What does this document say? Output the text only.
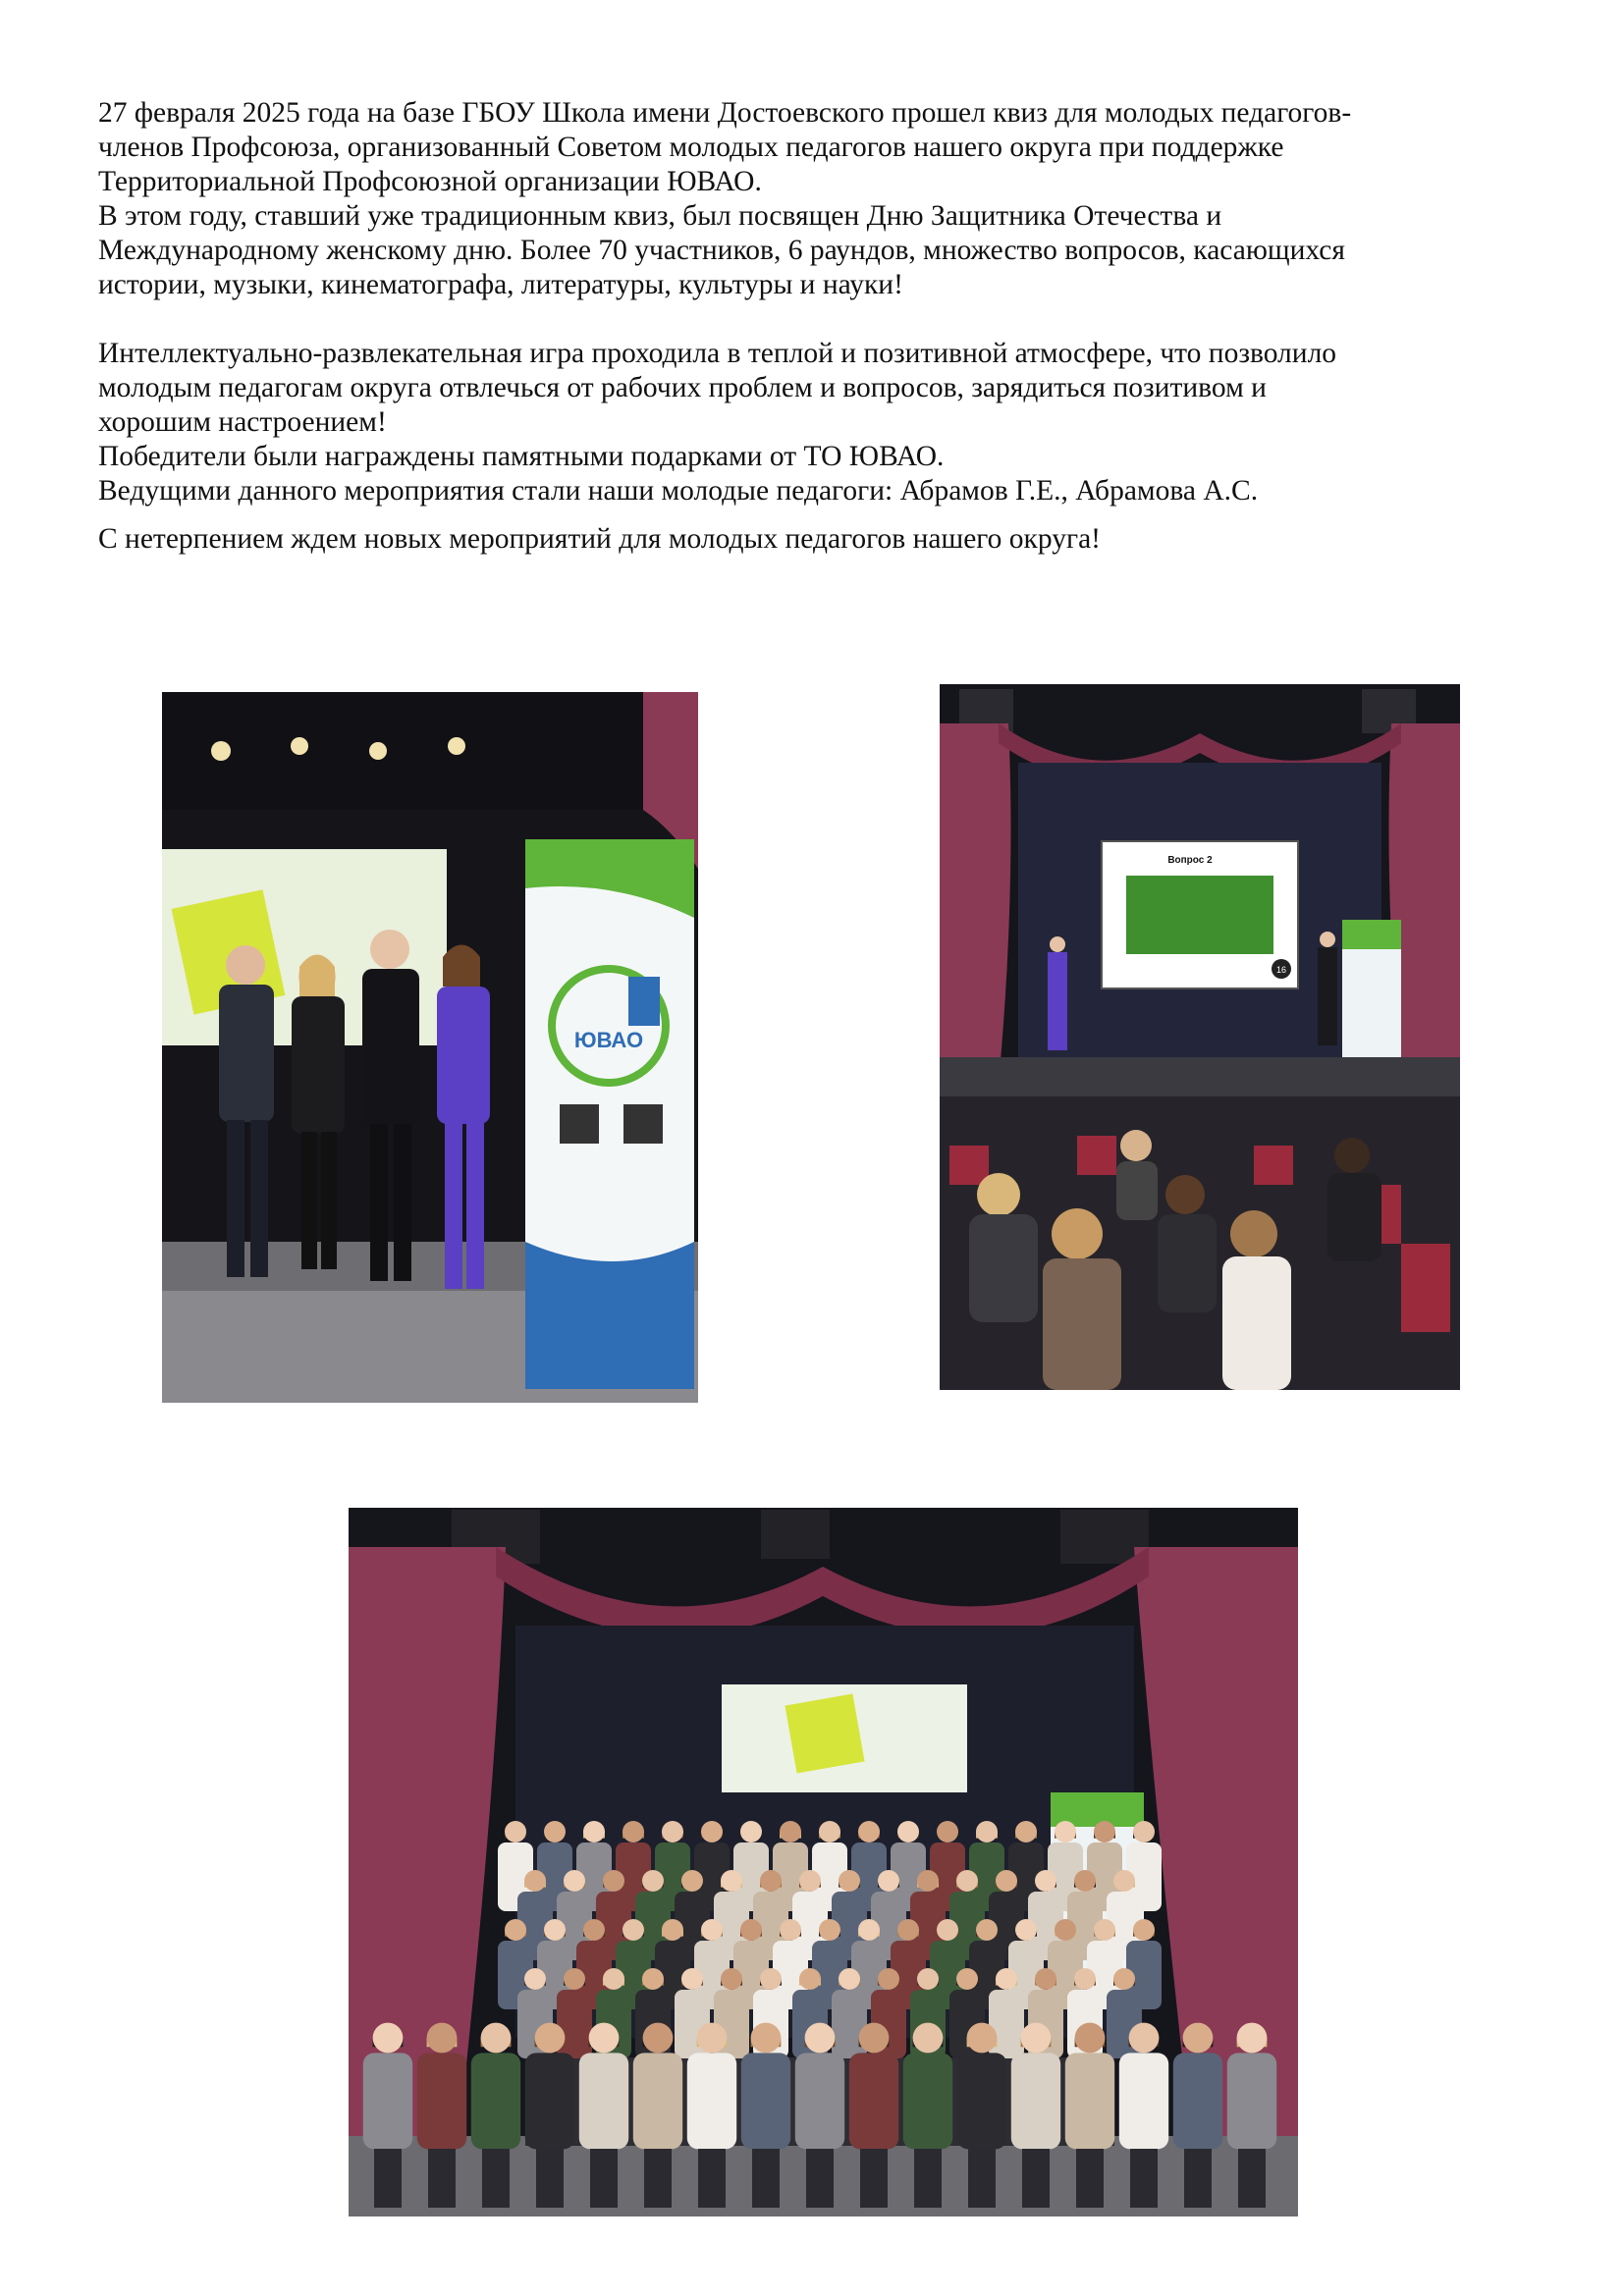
27 февраля 2025 года на базе ГБОУ Школа имени Достоевского прошел квиз для молодых педагогов-

членов Профсоюза, организованный Советом молодых педагогов нашего округа при поддержке

Территориальной Профсоюзной организации ЮВАО.

В этом году, ставший уже традиционным квиз, был посвящен Дню Защитника Отечества и

Международному женскому дню. Более 70 участников, 6 раундов, множество вопросов, касающихся

истории, музыки, кинематографа, литературы, культуры и науки!

Интеллектуально-развлекательная игра проходила в теплой и позитивной атмосфере, что позволило

молодым педагогам округа отвлечься от рабочих проблем и вопросов, зарядиться позитивом и

хорошим настроением!

Победители были награждены памятными подарками от ТО ЮВАО.

Ведущими данного мероприятия стали наши молодые педагоги: Абрамов Г.Е., Абрамова А.С.

С нетерпением ждем новых мероприятий для молодых педагогов нашего округа!

ЮВАО
Вопрос 2
16
